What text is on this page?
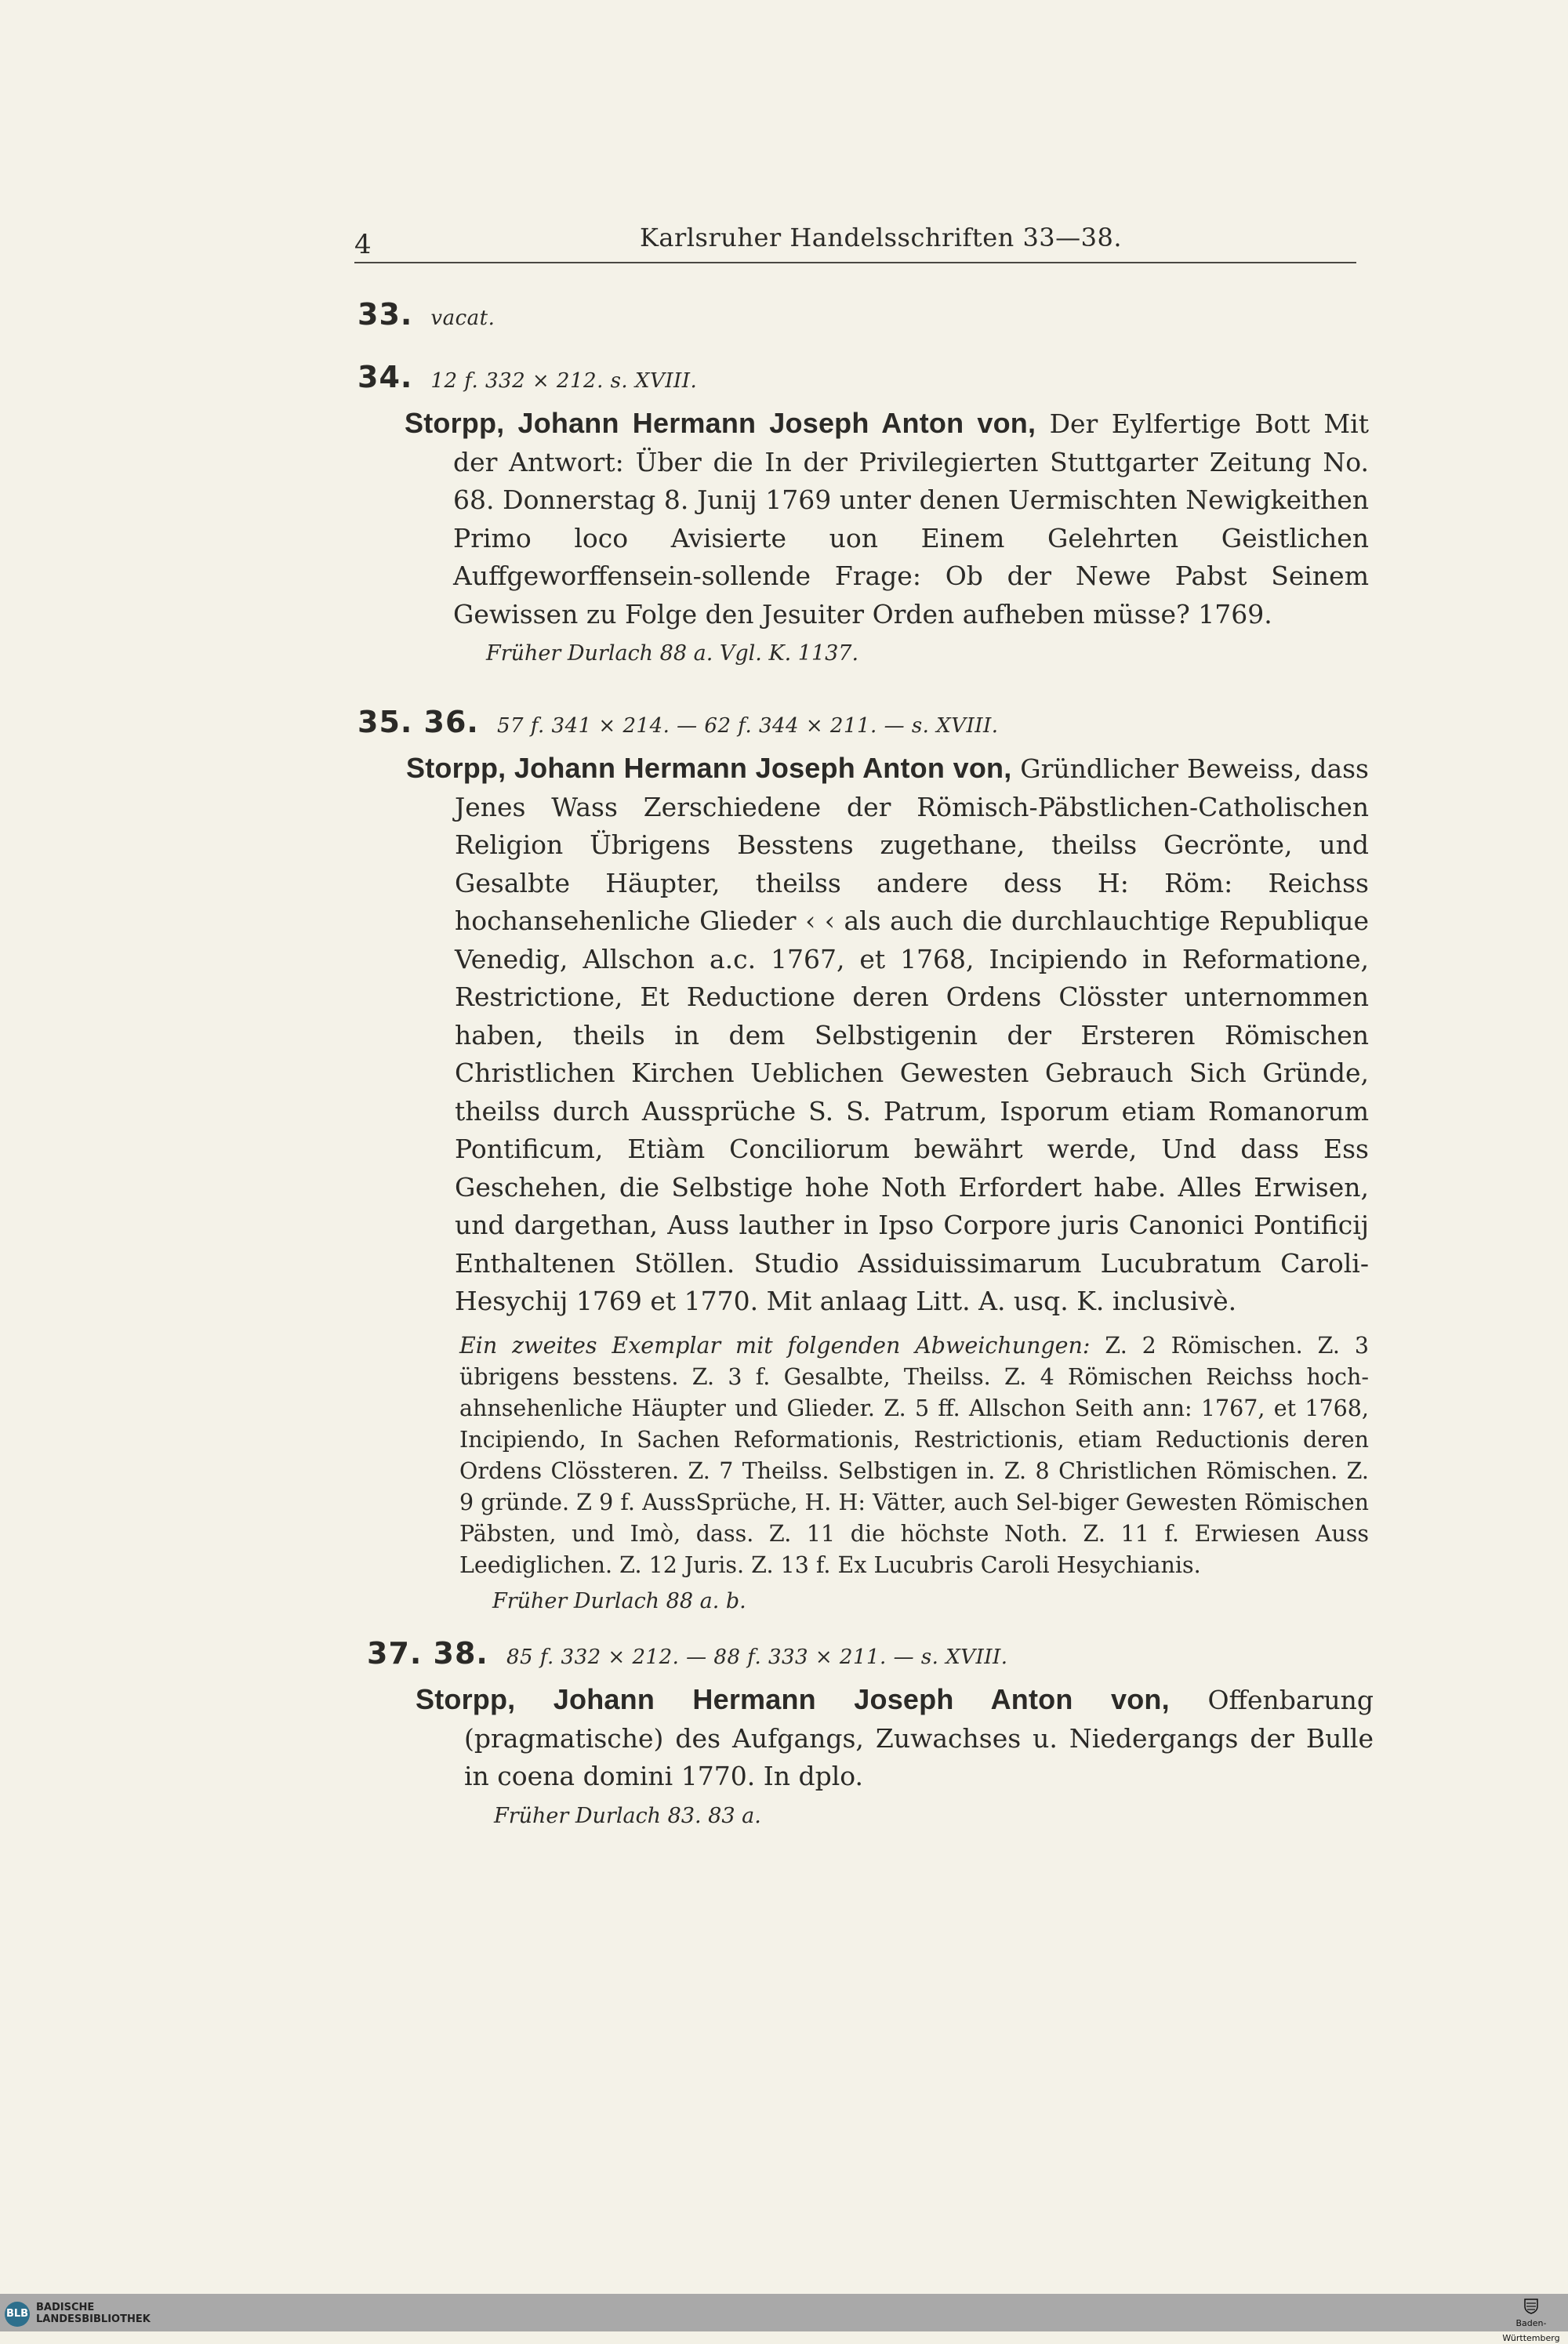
4	Karlsruher Handelsschriften 33—38.
33. vacat.
34. 12 f. 332 × 212. s. XVIII.
Storpp, Johann Hermann Joseph Anton von, Der Eylfertige Bott Mit der Antwort: Über die In der Privilegierten Stuttgarter Zeitung No. 68. Donnerstag 8. Junij 1769 unter denen Uermischten Newigkeithen Primo loco Avisierte uon Einem Gelehrten Geistlichen Auffgeworffensein-sollende Frage: Ob der Newe Pabst Seinem Gewissen zu Folge den Jesuiter Orden aufheben müsse? 1769.
Früher Durlach 88 a. Vgl. K. 1137.
35. 36. 57 f. 341 × 214. — 62 f. 344 × 211. — s. XVIII.
Storpp, Johann Hermann Joseph Anton von, Gründlicher Beweiss, dass Jenes Wass Zerschiedene der Römisch-Päbstlichen-Catholischen Religion Übrigens Besstens zugethane, theilss Gecrönte, und Gesalbte Häupter, theilss andere dess H: Röm: Reichss hochansehenliche Glieder ‹ ‹ als auch die durchlauchtige Republique Venedig, Allschon a.c. 1767, et 1768, Incipiendo in Reformatione, Restrictione, Et Reductione deren Ordens Clösster unternommen haben, theils in dem Selbstigenin der Ersteren Römischen Christlichen Kirchen Ueblichen Gewesten Gebrauch Sich Gründe, theilss durch Aussprüche S. S. Patrum, Isporum etiam Romanorum Pontificum, Etiàm Conciliorum bewährt werde, Und dass Ess Geschehen, die Selbstige hohe Noth Erfordert habe. Alles Erwisen, und dargethan, Auss lauther in Ipso Corpore juris Canonici Pontificij Enthaltenen Stöllen. Studio Assiduissimarum Lucubratum Caroli-Hesychij 1769 et 1770. Mit anlaag Litt. A. usq. K. inclusivè.
Ein zweites Exemplar mit folgenden Abweichungen: Z. 2 Römischen. Z. 3 übrigens besstens. Z. 3 f. Gesalbte, Theilss. Z. 4 Römischen Reichss hoch-ahnsehenliche Häupter und Glieder. Z. 5 ff. Allschon Seith ann: 1767, et 1768, Incipiendo, In Sachen Reformationis, Restrictionis, etiam Reductionis deren Ordens Clössteren. Z. 7 Theilss. Selbstigen in. Z. 8 Christlichen Römischen. Z. 9 gründe. Z 9 f. AussSprüche, H. H: Vätter, auch Sel-biger Gewesten Römischen Päbsten, und Imò, dass. Z. 11 die höchste Noth. Z. 11 f. Erwiesen Auss Leediglichen. Z. 12 Juris. Z. 13 f. Ex Lucubris Caroli Hesychianis.
Früher Durlach 88 a. b.
37. 38. 85 f. 332 × 212. — 88 f. 333 × 211. — s. XVIII.
Storpp, Johann Hermann Joseph Anton von, Offenbarung (pragmatische) des Aufgangs, Zuwachses u. Niedergangs der Bulle in coena domini 1770. In dplo.
Früher Durlach 83. 83 a.
BLB
BADISCHE
LANDESBIBLIOTHEK	Baden-Württemberg
